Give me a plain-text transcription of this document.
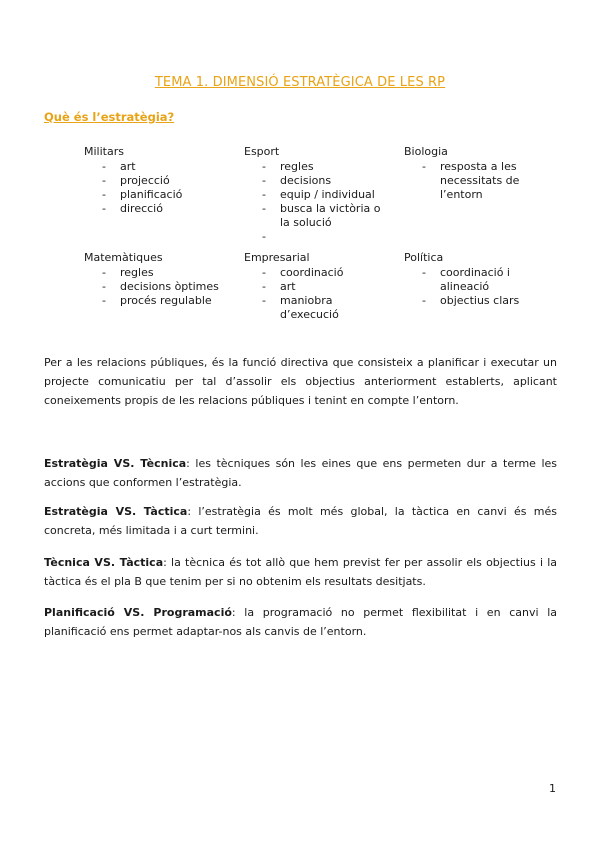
TEMA 1. DIMENSIÓ ESTRATÈGICA DE LES RP
Què és l’estratègia?
Militars
- art
- projecció
- planificació
- direcció
Esport
- regles
- decisions
- equip / individual
- busca la victòria o la solució
-
Biologia
- resposta a les necessitats de l’entorn
Matemàtiques
- regles
- decisions òptimes
- procés regulable
Empresarial
- coordinació
- art
- maniobra d’execució
Política
- coordinació i alineació
- objectius clars
Per a les relacions públiques, és la funció directiva que consisteix a planificar i executar un projecte comunicatiu per tal d’assolir els objectius anteriorment establerts, aplicant coneixements propis de les relacions públiques i tenint en compte l’entorn.
Estratègia VS. Tècnica: les tècniques són les eines que ens permeten dur a terme les accions que conformen l’estratègia.
Estratègia VS. Tàctica: l’estratègia és molt més global, la tàctica en canvi és més concreta, més limitada i a curt termini.
Tècnica VS. Tàctica: la tècnica és tot allò que hem previst fer per assolir els objectius i la tàctica és el pla B que tenim per si no obtenim els resultats desitjats.
Planificació VS. Programació: la programació no permet flexibilitat i en canvi la planificació ens permet adaptar-nos als canvis de l’entorn.
1
